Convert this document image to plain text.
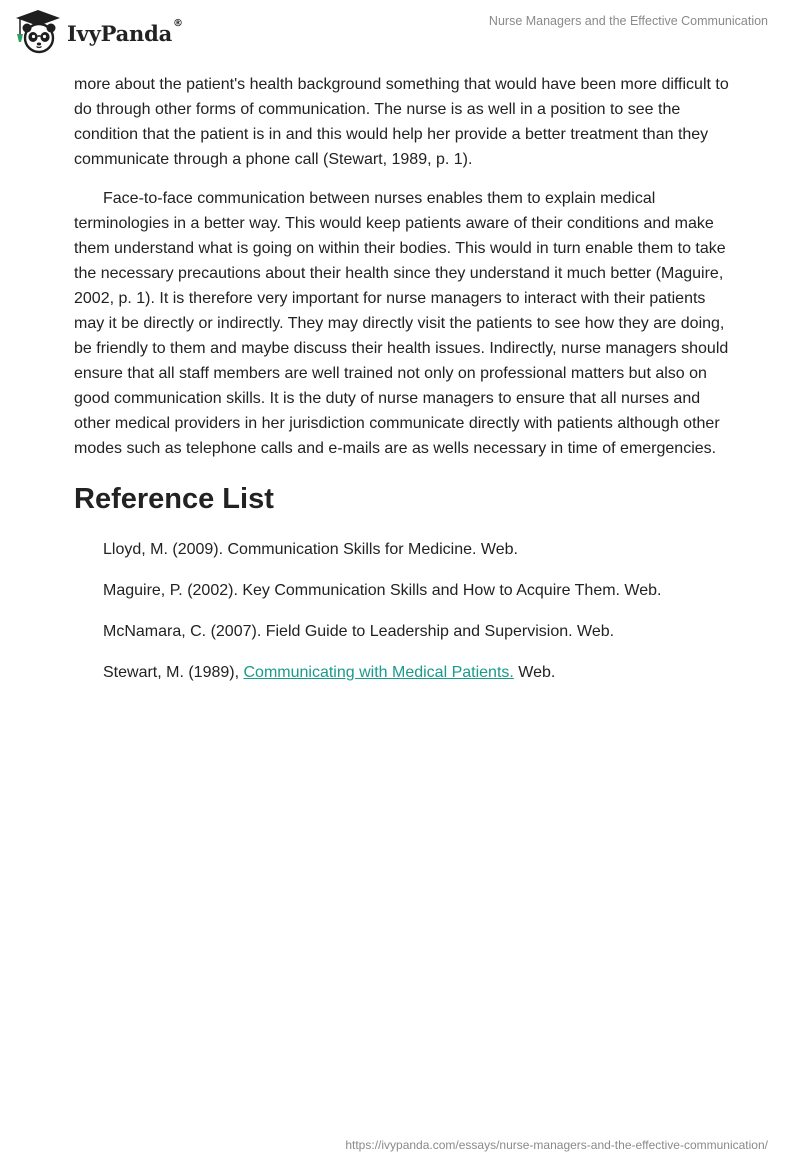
IvyPanda ®	Nurse Managers and the Effective Communication

more about the patient's health background something that would have been more difficult to do through other forms of communication. The nurse is as well in a position to see the condition that the patient is in and this would help her provide a better treatment than they communicate through a phone call (Stewart, 1989, p. 1).

Face-to-face communication between nurses enables them to explain medical terminologies in a better way. This would keep patients aware of their conditions and make them understand what is going on within their bodies. This would in turn enable them to take the necessary precautions about their health since they understand it much better (Maguire, 2002, p. 1). It is therefore very important for nurse managers to interact with their patients may it be directly or indirectly. They may directly visit the patients to see how they are doing, be friendly to them and maybe discuss their health issues. Indirectly, nurse managers should ensure that all staff members are well trained not only on professional matters but also on good communication skills. It is the duty of nurse managers to ensure that all nurses and other medical providers in her jurisdiction communicate directly with patients although other modes such as telephone calls and e-mails are as wells necessary in time of emergencies.

Reference List
Lloyd, M. (2009). Communication Skills for Medicine. Web.
Maguire, P. (2002). Key Communication Skills and How to Acquire Them. Web.
McNamara, C. (2007). Field Guide to Leadership and Supervision. Web.
Stewart, M. (1989), Communicating with Medical Patients. Web.
https://ivypanda.com/essays/nurse-managers-and-the-effective-communication/
